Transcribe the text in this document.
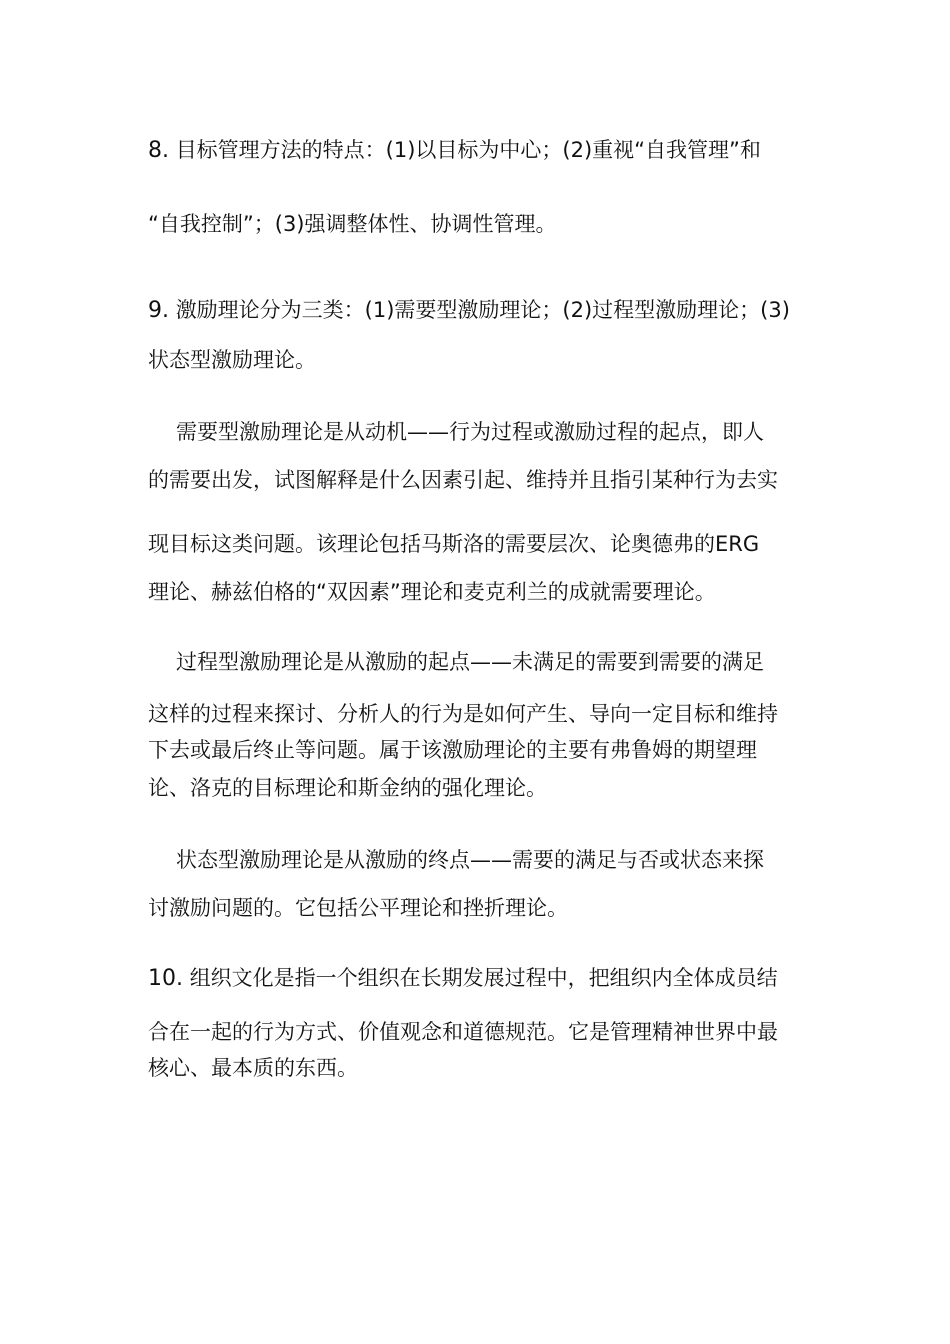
8. 目标管理方法的特点：(1)以目标为中心；(2)重视“自我管理”和
“自我控制”；(3)强调整体性、协调性管理。
9. 激励理论分为三类：(1)需要型激励理论；(2)过程型激励理论；(3)
状态型激励理论。
需要型激励理论是从动机——行为过程或激励过程的起点，即人
的需要出发，试图解释是什么因素引起、维持并且指引某种行为去实
现目标这类问题。该理论包括马斯洛的需要层次、论奥德弗的ERG
理论、赫兹伯格的“双因素”理论和麦克利兰的成就需要理论。
过程型激励理论是从激励的起点——未满足的需要到需要的满足
这样的过程来探讨、分析人的行为是如何产生、导向一定目标和维持
下去或最后终止等问题。属于该激励理论的主要有弗鲁姆的期望理
论、洛克的目标理论和斯金纳的强化理论。
状态型激励理论是从激励的终点——需要的满足与否或状态来探
讨激励问题的。它包括公平理论和挫折理论。
10. 组织文化是指一个组织在长期发展过程中，把组织内全体成员结
合在一起的行为方式、价值观念和道德规范。它是管理精神世界中最
核心、最本质的东西。
